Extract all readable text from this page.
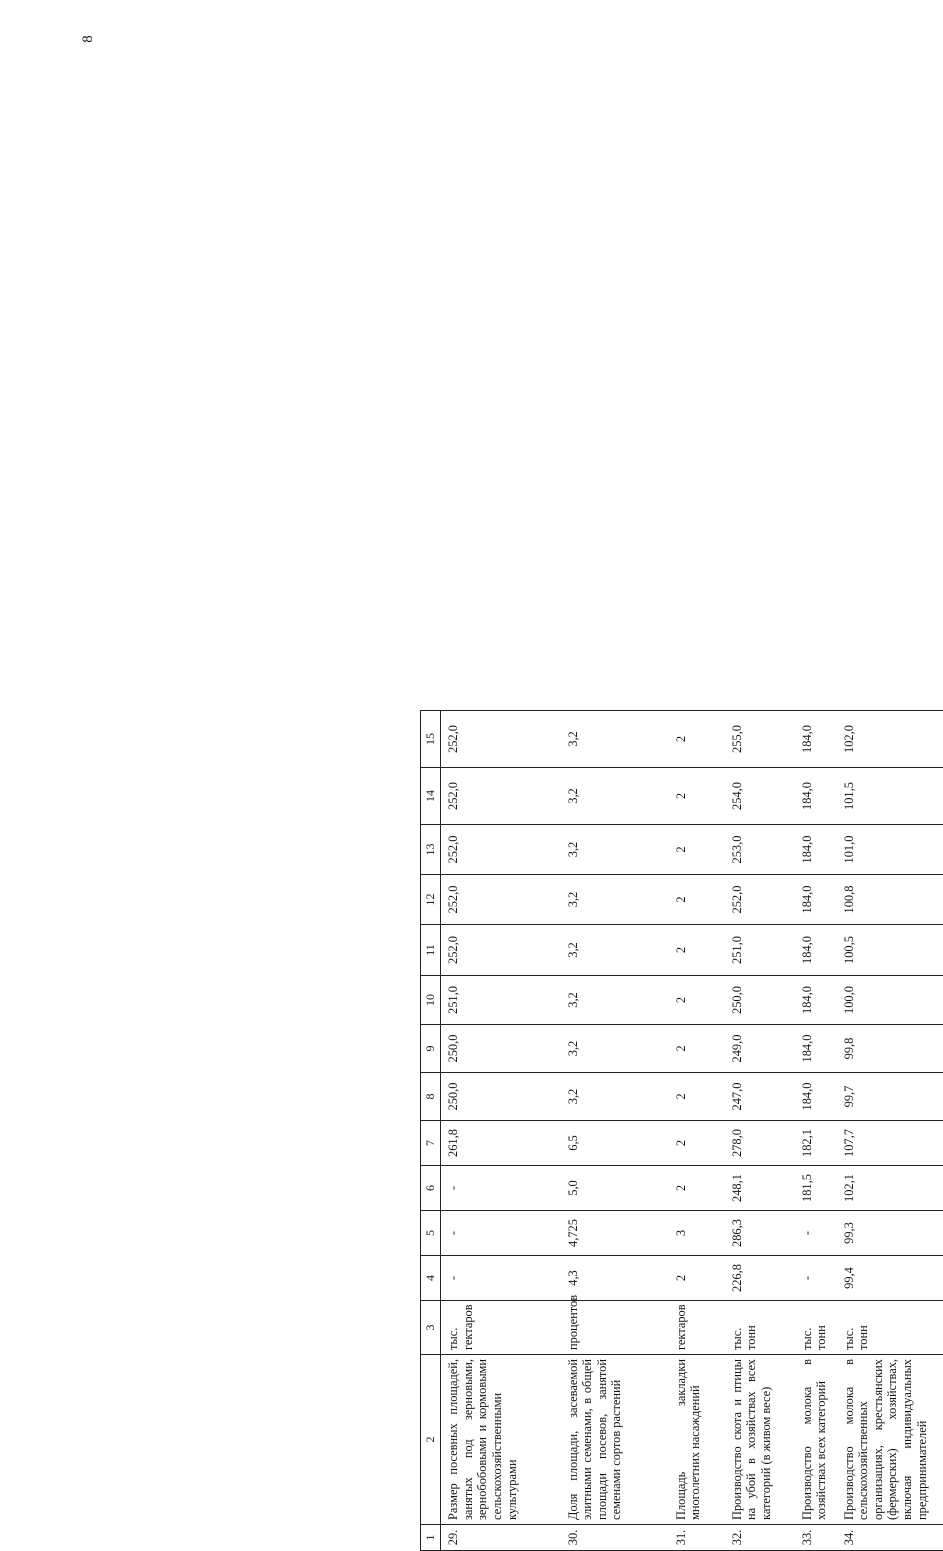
8
1	2	3	4	5	6	7	8	9	10	11	12	13	14	15
29.	Размер посевных площадей, занятых под зерновыми, зернобобовыми и кормовыми сельскохозяйственными культурами	тыс. гектаров	-	-	-	261,8	250,0	250,0	251,0	252,0	252,0	252,0	252,0	252,0
30.	Доля площади, засеваемой элитными семенами, в общей площади посевов, занятой семенами сортов растений	процентов	4,3	4,725	5,0	6,5	3,2	3,2	3,2	3,2	3,2	3,2	3,2	3,2
31.	Площадь закладки многолетних насаждений	гектаров	2	3	2	2	2	2	2	2	2	2	2	2
32.	Производство скота и птицы на убой в хозяйствах всех категорий (в живом весе)	тыс. тонн	226,8	286,3	248,1	278,0	247,0	249,0	250,0	251,0	252,0	253,0	254,0	255,0
33.	Производство молока в хозяйствах всех категорий	тыс. тонн	-	-	181,5	182,1	184,0	184,0	184,0	184,0	184,0	184,0	184,0	184,0
34.	Производство молока в сельскохозяйственных организациях, крестьянских (фермерских) хозяйствах, включая индивидуальных предпринимателей	тыс. тонн	99,4	99,3	102,1	107,7	99,7	99,8	100,0	100,5	100,8	101,0	101,5	102,0
